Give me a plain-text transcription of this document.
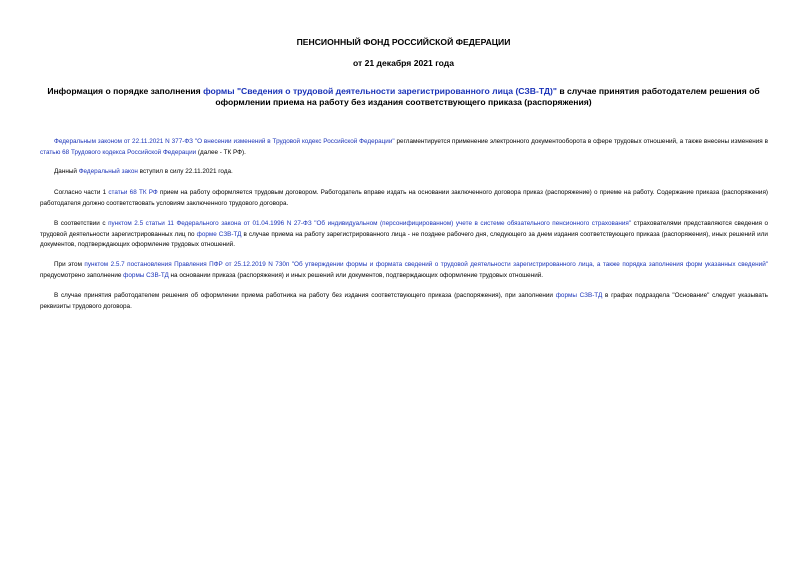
ПЕНСИОННЫЙ ФОНД РОССИЙСКОЙ ФЕДЕРАЦИИ
от 21 декабря 2021 года
Информация о порядке заполнения формы "Сведения о трудовой деятельности зарегистрированного лица (СЗВ-ТД)" в случае принятия работодателем решения об оформлении приема на работу без издания соответствующего приказа (распоряжения)

Федеральным законом от 22.11.2021 N 377-ФЗ "О внесении изменений в Трудовой кодекс Российской Федерации" регламентируется применение электронного документооборота в сфере трудовых отношений, а также внесены изменения в статью 68 Трудового кодекса Российской Федерации (далее - ТК РФ).

Данный Федеральный закон вступил в силу 22.11.2021 года.

Согласно части 1 статьи 68 ТК РФ прием на работу оформляется трудовым договором. Работодатель вправе издать на основании заключенного договора приказ (распоряжение) о приеме на работу. Содержание приказа (распоряжения) работодателя должно соответствовать условиям заключенного трудового договора.

В соответствии с пунктом 2.5 статьи 11 Федерального закона от 01.04.1996 N 27-ФЗ "Об индивидуальном (персонифицированном) учете в системе обязательного пенсионного страхования" страхователями представляются сведения о трудовой деятельности зарегистрированных лиц по форме СЗВ-ТД в случае приема на работу зарегистрированного лица - не позднее рабочего дня, следующего за днем издания соответствующего приказа (распоряжения), иных решений или документов, подтверждающих оформление трудовых отношений.

При этом пунктом 2.5.7 постановления Правления ПФР от 25.12.2019 N 730п "Об утверждении формы и формата сведений о трудовой деятельности зарегистрированного лица, а также порядка заполнения форм указанных сведений" предусмотрено заполнение формы СЗВ-ТД на основании приказа (распоряжения) и иных решений или документов, подтверждающих оформление трудовых отношений.

В случае принятия работодателем решения об оформлении приема работника на работу без издания соответствующего приказа (распоряжения), при заполнении формы СЗВ-ТД в графах подраздела "Основание" следует указывать реквизиты трудового договора.
